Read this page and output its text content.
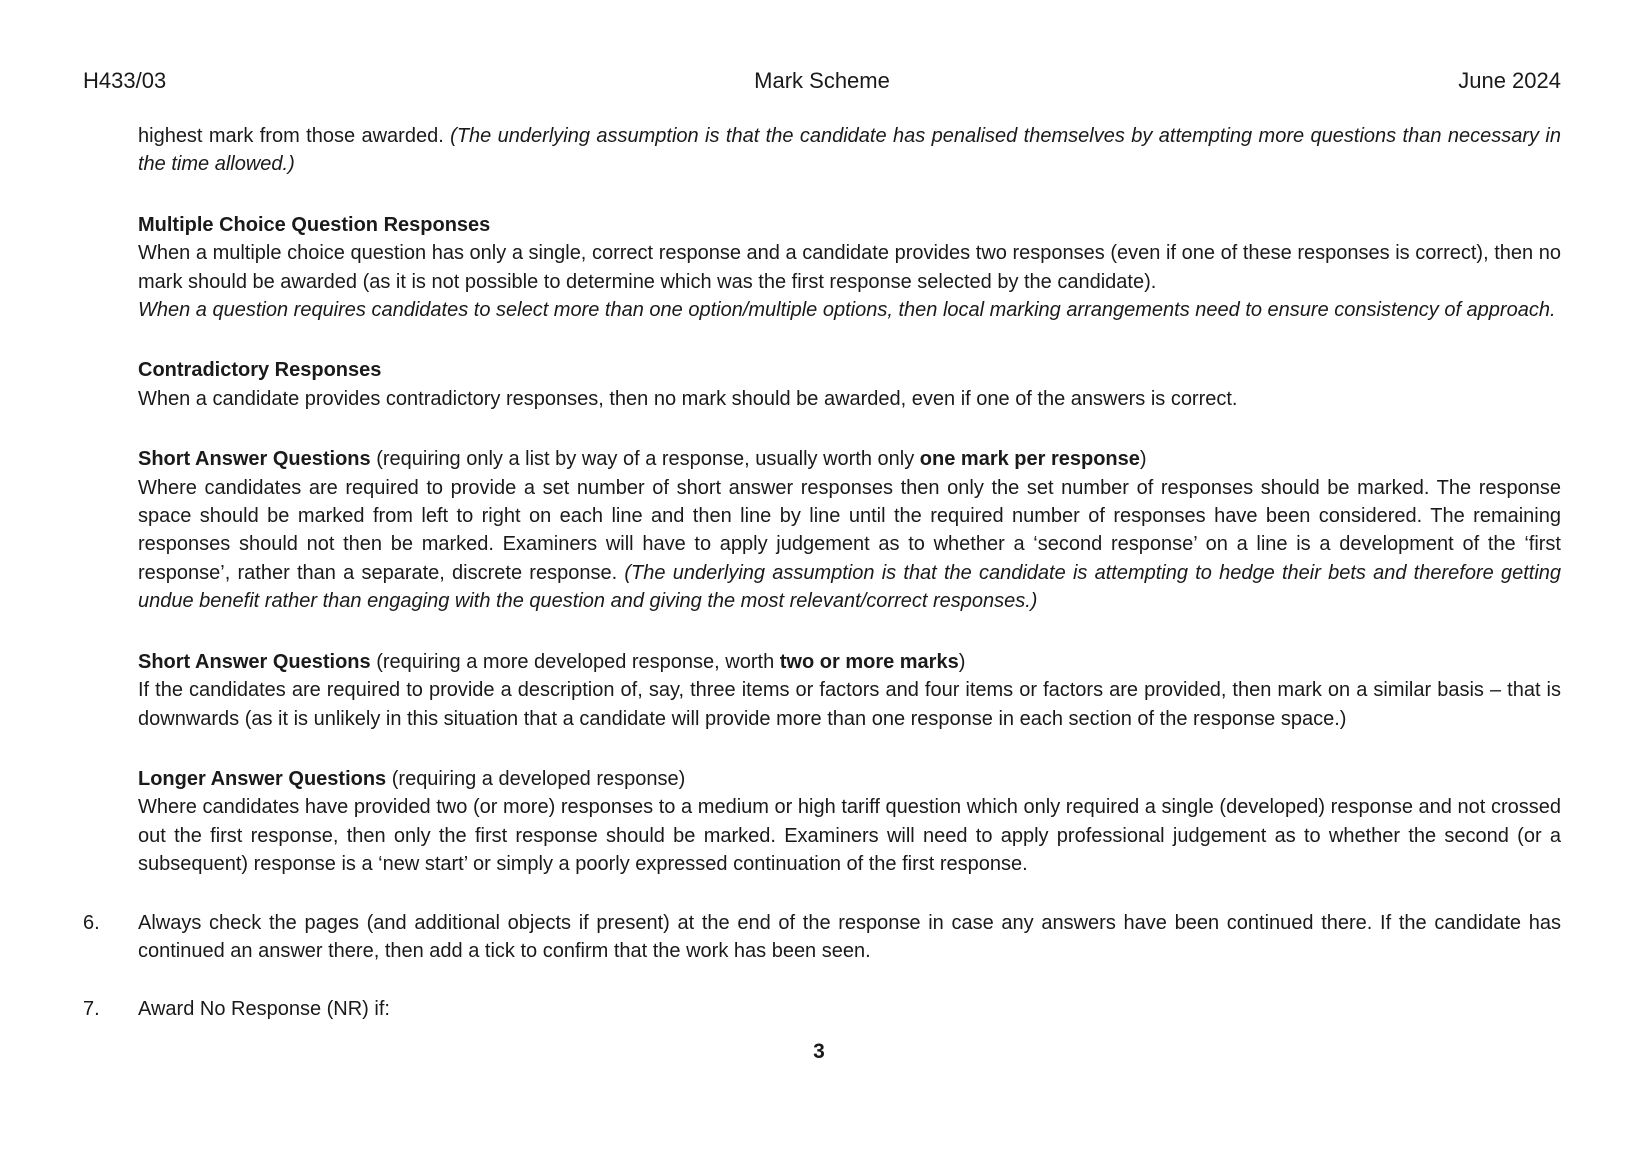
H433/03	Mark Scheme	June 2024

highest mark from those awarded. (The underlying assumption is that the candidate has penalised themselves by attempting more questions than necessary in the time allowed.)

Multiple Choice Question Responses

When a multiple choice question has only a single, correct response and a candidate provides two responses (even if one of these responses is correct), then no mark should be awarded (as it is not possible to determine which was the first response selected by the candidate).

When a question requires candidates to select more than one option/multiple options, then local marking arrangements need to ensure consistency of approach.

Contradictory Responses

When a candidate provides contradictory responses, then no mark should be awarded, even if one of the answers is correct.

Short Answer Questions (requiring only a list by way of a response, usually worth only one mark per response)

Where candidates are required to provide a set number of short answer responses then only the set number of responses should be marked. The response space should be marked from left to right on each line and then line by line until the required number of responses have been considered. The remaining responses should not then be marked. Examiners will have to apply judgement as to whether a ‘second response’ on a line is a development of the ‘first response’, rather than a separate, discrete response. (The underlying assumption is that the candidate is attempting to hedge their bets and therefore getting undue benefit rather than engaging with the question and giving the most relevant/correct responses.)

Short Answer Questions (requiring a more developed response, worth two or more marks)

If the candidates are required to provide a description of, say, three items or factors and four items or factors are provided, then mark on a similar basis – that is downwards (as it is unlikely in this situation that a candidate will provide more than one response in each section of the response space.)

Longer Answer Questions (requiring a developed response)

Where candidates have provided two (or more) responses to a medium or high tariff question which only required a single (developed) response and not crossed out the first response, then only the first response should be marked. Examiners will need to apply professional judgement as to whether the second (or a subsequent) response is a ‘new start’ or simply a poorly expressed continuation of the first response.

6. Always check the pages (and additional objects if present) at the end of the response in case any answers have been continued there. If the candidate has continued an answer there, then add a tick to confirm that the work has been seen.

7. Award No Response (NR) if:

3
